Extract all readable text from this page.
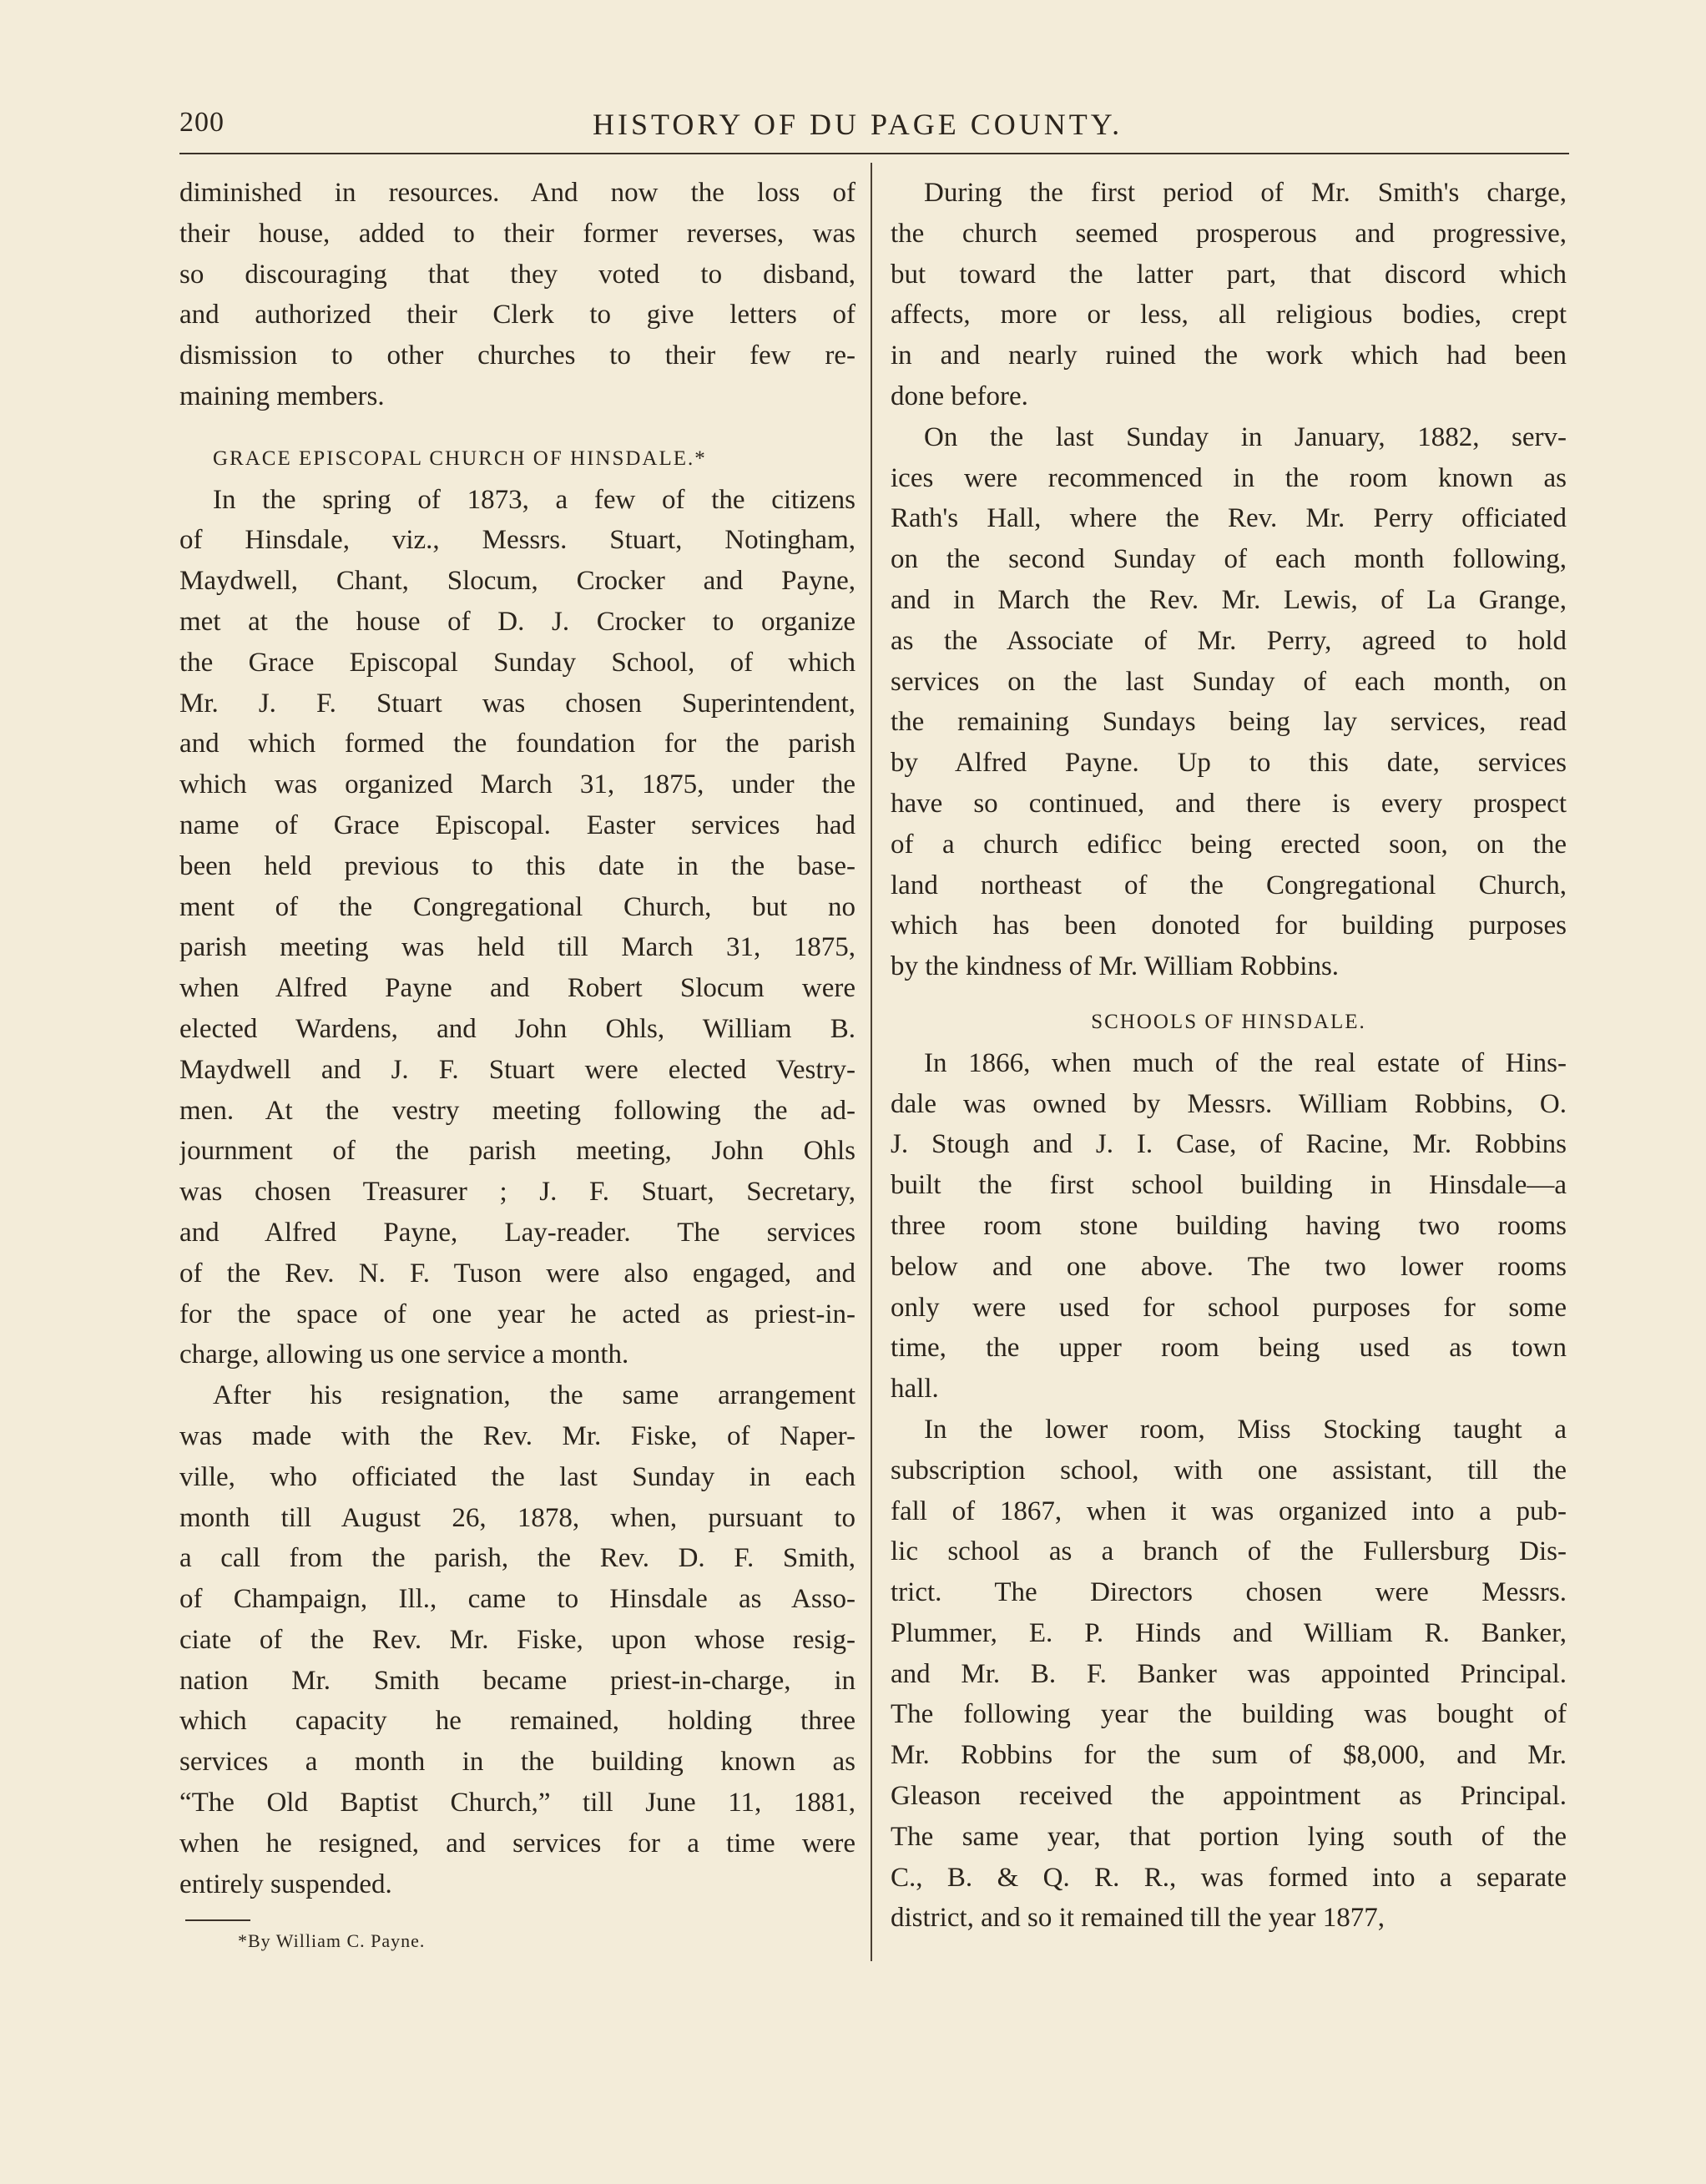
200	HISTORY OF DU PAGE COUNTY.
diminished in resources. And now the loss of
their house, added to their former reverses, was
so discouraging that they voted to disband,
and authorized their Clerk to give letters of
dismission to other churches to their few re-
maining members.
GRACE EPISCOPAL CHURCH OF HINSDALE.*
In the spring of 1873, a few of the citizens
of Hinsdale, viz., Messrs. Stuart, Notingham,
Maydwell, Chant, Slocum, Crocker and Payne,
met at the house of D. J. Crocker to organize
the Grace Episcopal Sunday School, of which
Mr. J. F. Stuart was chosen Superintendent,
and which formed the foundation for the parish
which was organized March 31, 1875, under the
name of Grace Episcopal. Easter services had
been held previous to this date in the base-
ment of the Congregational Church, but no
parish meeting was held till March 31, 1875,
when Alfred Payne and Robert Slocum were
elected Wardens, and John Ohls, William B.
Maydwell and J. F. Stuart were elected Vestry-
men. At the vestry meeting following the ad-
journment of the parish meeting, John Ohls
was chosen Treasurer ; J. F. Stuart, Secretary,
and Alfred Payne, Lay-reader. The services
of the Rev. N. F. Tuson were also engaged, and
for the space of one year he acted as priest-in-
charge, allowing us one service a month.
After his resignation, the same arrangement
was made with the Rev. Mr. Fiske, of Naper-
ville, who officiated the last Sunday in each
month till August 26, 1878, when, pursuant to
a call from the parish, the Rev. D. F. Smith,
of Champaign, Ill., came to Hinsdale as Asso-
ciate of the Rev. Mr. Fiske, upon whose resig-
nation Mr. Smith became priest-in-charge, in
which capacity he remained, holding three
services a month in the building known as
“The Old Baptist Church,” till June 11, 1881,
when he resigned, and services for a time were
entirely suspended.
*By William C. Payne.
During the first period of Mr. Smith's charge,
the church seemed prosperous and progressive,
but toward the latter part, that discord which
affects, more or less, all religious bodies, crept
in and nearly ruined the work which had been
done before.
On the last Sunday in January, 1882, serv-
ices were recommenced in the room known as
Rath's Hall, where the Rev. Mr. Perry officiated
on the second Sunday of each month following,
and in March the Rev. Mr. Lewis, of La Grange,
as the Associate of Mr. Perry, agreed to hold
services on the last Sunday of each month, on
the remaining Sundays being lay services, read
by Alfred Payne. Up to this date, services
have so continued, and there is every prospect
of a church edificc being erected soon, on the
land northeast of the Congregational Church,
which has been donoted for building purposes
by the kindness of Mr. William Robbins.
SCHOOLS OF HINSDALE.
In 1866, when much of the real estate of Hins-
dale was owned by Messrs. William Robbins, O.
J. Stough and J. I. Case, of Racine, Mr. Robbins
built the first school building in Hinsdale—a
three room stone building having two rooms
below and one above. The two lower rooms
only were used for school purposes for some
time, the upper room being used as town
hall.
In the lower room, Miss Stocking taught a
subscription school, with one assistant, till the
fall of 1867, when it was organized into a pub-
lic school as a branch of the Fullersburg Dis-
trict. The Directors chosen were Messrs.
Plummer, E. P. Hinds and William R. Banker,
and Mr. B. F. Banker was appointed Principal.
The following year the building was bought of
Mr. Robbins for the sum of $8,000, and Mr.
Gleason received the appointment as Principal.
The same year, that portion lying south of the
C., B. & Q. R. R., was formed into a separate
district, and so it remained till the year 1877,
